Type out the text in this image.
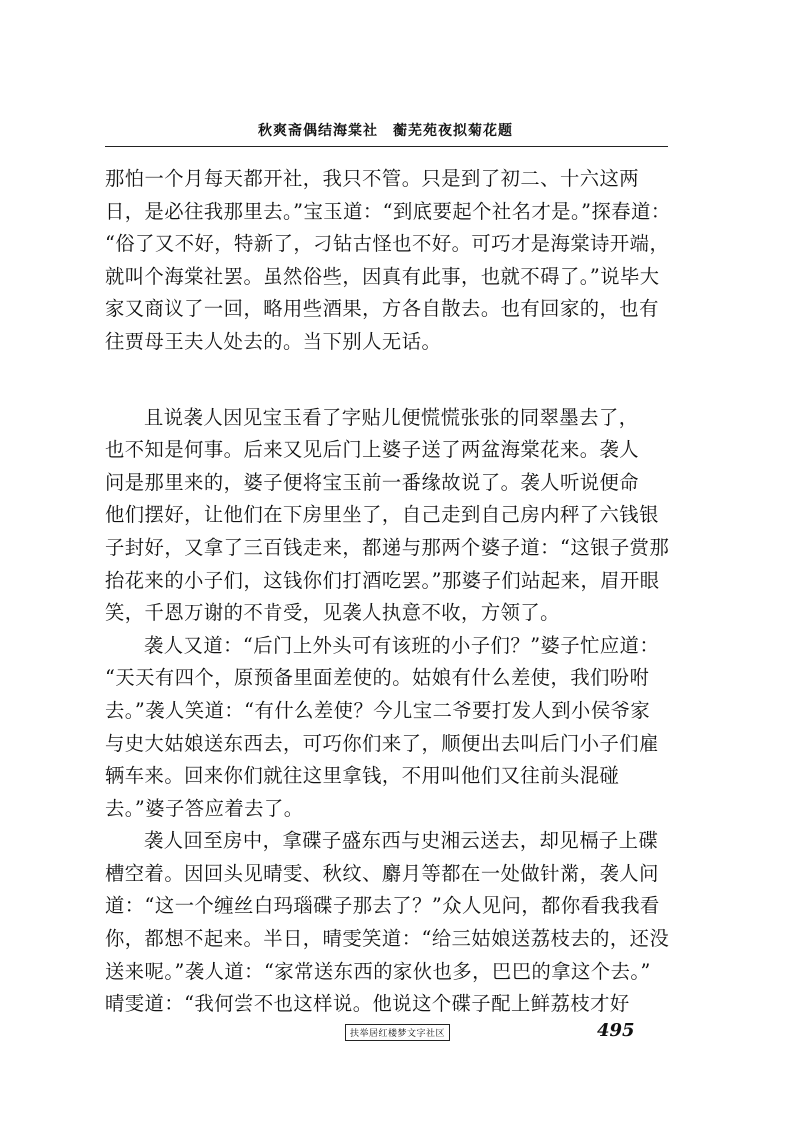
秋爽斋偶结海棠社　蘅芜苑夜拟菊花题
那怕一个月每天都开社，我只不管。只是到了初二、十六这两
日，是必往我那里去。”宝玉道：“到底要起个社名才是。”探春道：
“俗了又不好，特新了，刁钻古怪也不好。可巧才是海棠诗开端，
就叫个海棠社罢。虽然俗些，因真有此事，也就不碍了。”说毕大
家又商议了一回，略用些酒果，方各自散去。也有回家的，也有
往贾母王夫人处去的。当下别人无话。
且说袭人因见宝玉看了字贴儿便慌慌张张的同翠墨去了，
也不知是何事。后来又见后门上婆子送了两盆海棠花来。袭人
问是那里来的，婆子便将宝玉前一番缘故说了。袭人听说便命
他们摆好，让他们在下房里坐了，自己走到自己房内秤了六钱银
子封好，又拿了三百钱走来，都递与那两个婆子道：“这银子赏那
抬花来的小子们，这钱你们打酒吃罢。”那婆子们站起来，眉开眼
笑，千恩万谢的不肯受，见袭人执意不收，方领了。
袭人又道：“后门上外头可有该班的小子们？”婆子忙应道：
“天天有四个，原预备里面差使的。姑娘有什么差使，我们吩咐
去。”袭人笑道：“有什么差使？今儿宝二爷要打发人到小侯爷家
与史大姑娘送东西去，可巧你们来了，顺便出去叫后门小子们雇
辆车来。回来你们就往这里拿钱，不用叫他们又往前头混碰
去。”婆子答应着去了。
袭人回至房中，拿碟子盛东西与史湘云送去，却见槅子上碟
槽空着。因回头见晴雯、秋纹、麝月等都在一处做针黹，袭人问
道：“这一个缠丝白玛瑙碟子那去了？”众人见问，都你看我我看
你，都想不起来。半日，晴雯笑道：“给三姑娘送荔枝去的，还没
送来呢。”袭人道：“家常送东西的家伙也多，巴巴的拿这个去。”
晴雯道：“我何尝不也这样说。他说这个碟子配上鲜荔枝才好
扶举居红楼梦文字社区	495
